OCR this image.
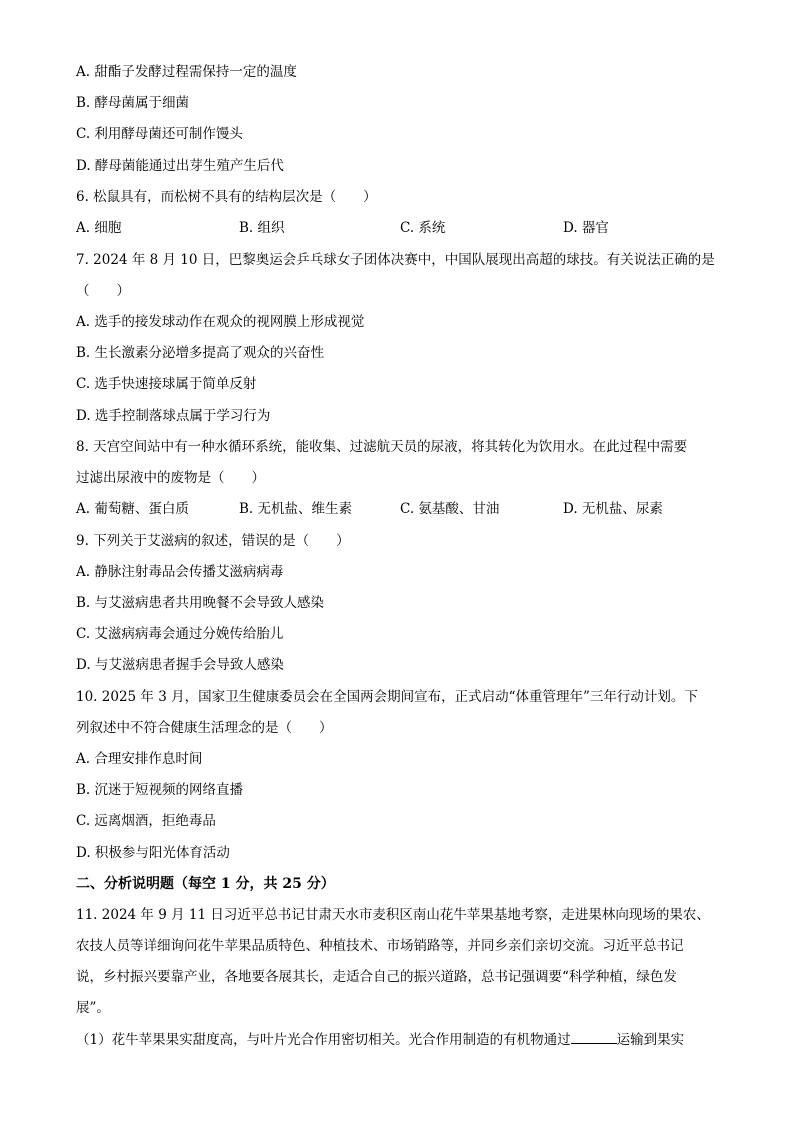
A. 甜酯子发酵过程需保持一定的温度
B. 酵母菌属于细菌
C. 利用酵母菌还可制作馒头
D. 酵母菌能通过出芽生殖产生后代
6. 松鼠具有，而松树不具有的结构层次是（　　）
A. 细胞	B. 组织	C. 系统	D. 器官
7. 2024 年 8 月 10 日，巴黎奥运会乒乓球女子团体决赛中，中国队展现出高超的球技。有关说法正确的是
（　　）
A. 选手的接发球动作在观众的视网膜上形成视觉
B. 生长激素分泌增多提高了观众的兴奋性
C. 选手快速接球属于简单反射
D. 选手控制落球点属于学习行为
8. 天宫空间站中有一种水循环系统，能收集、过滤航天员的尿液，将其转化为饮用水。在此过程中需要
过滤出尿液中的废物是（　　）
A. 葡萄糖、蛋白质	B. 无机盐、维生素	C. 氨基酸、甘油	D. 无机盐、尿素
9. 下列关于艾滋病的叙述，错误的是（　　）
A. 静脉注射毒品会传播艾滋病病毒
B. 与艾滋病患者共用晚餐不会导致人感染
C. 艾滋病病毒会通过分娩传给胎儿
D. 与艾滋病患者握手会导致人感染
10. 2025 年 3 月，国家卫生健康委员会在全国两会期间宣布，正式启动“体重管理年”三年行动计划。下
列叙述中不符合健康生活理念的是（　　）
A. 合理安排作息时间
B. 沉迷于短视频的网络直播
C. 远离烟酒，拒绝毒品
D. 积极参与阳光体育活动
二、分析说明题（每空 1 分，共 25 分）
11. 2024 年 9 月 11 日习近平总书记甘肃天水市麦积区南山花牛苹果基地考察，走进果林向现场的果农、
农技人员等详细询问花牛苹果品质特色、种植技术、市场销路等，并同乡亲们亲切交流。习近平总书记
说，乡村振兴要靠产业，各地要各展其长，走适合自己的振兴道路，总书记强调要“科学种植，绿色发
展”。
（1）花牛苹果果实甜度高，与叶片光合作用密切相关。光合作用制造的有机物通过	运输到果实
